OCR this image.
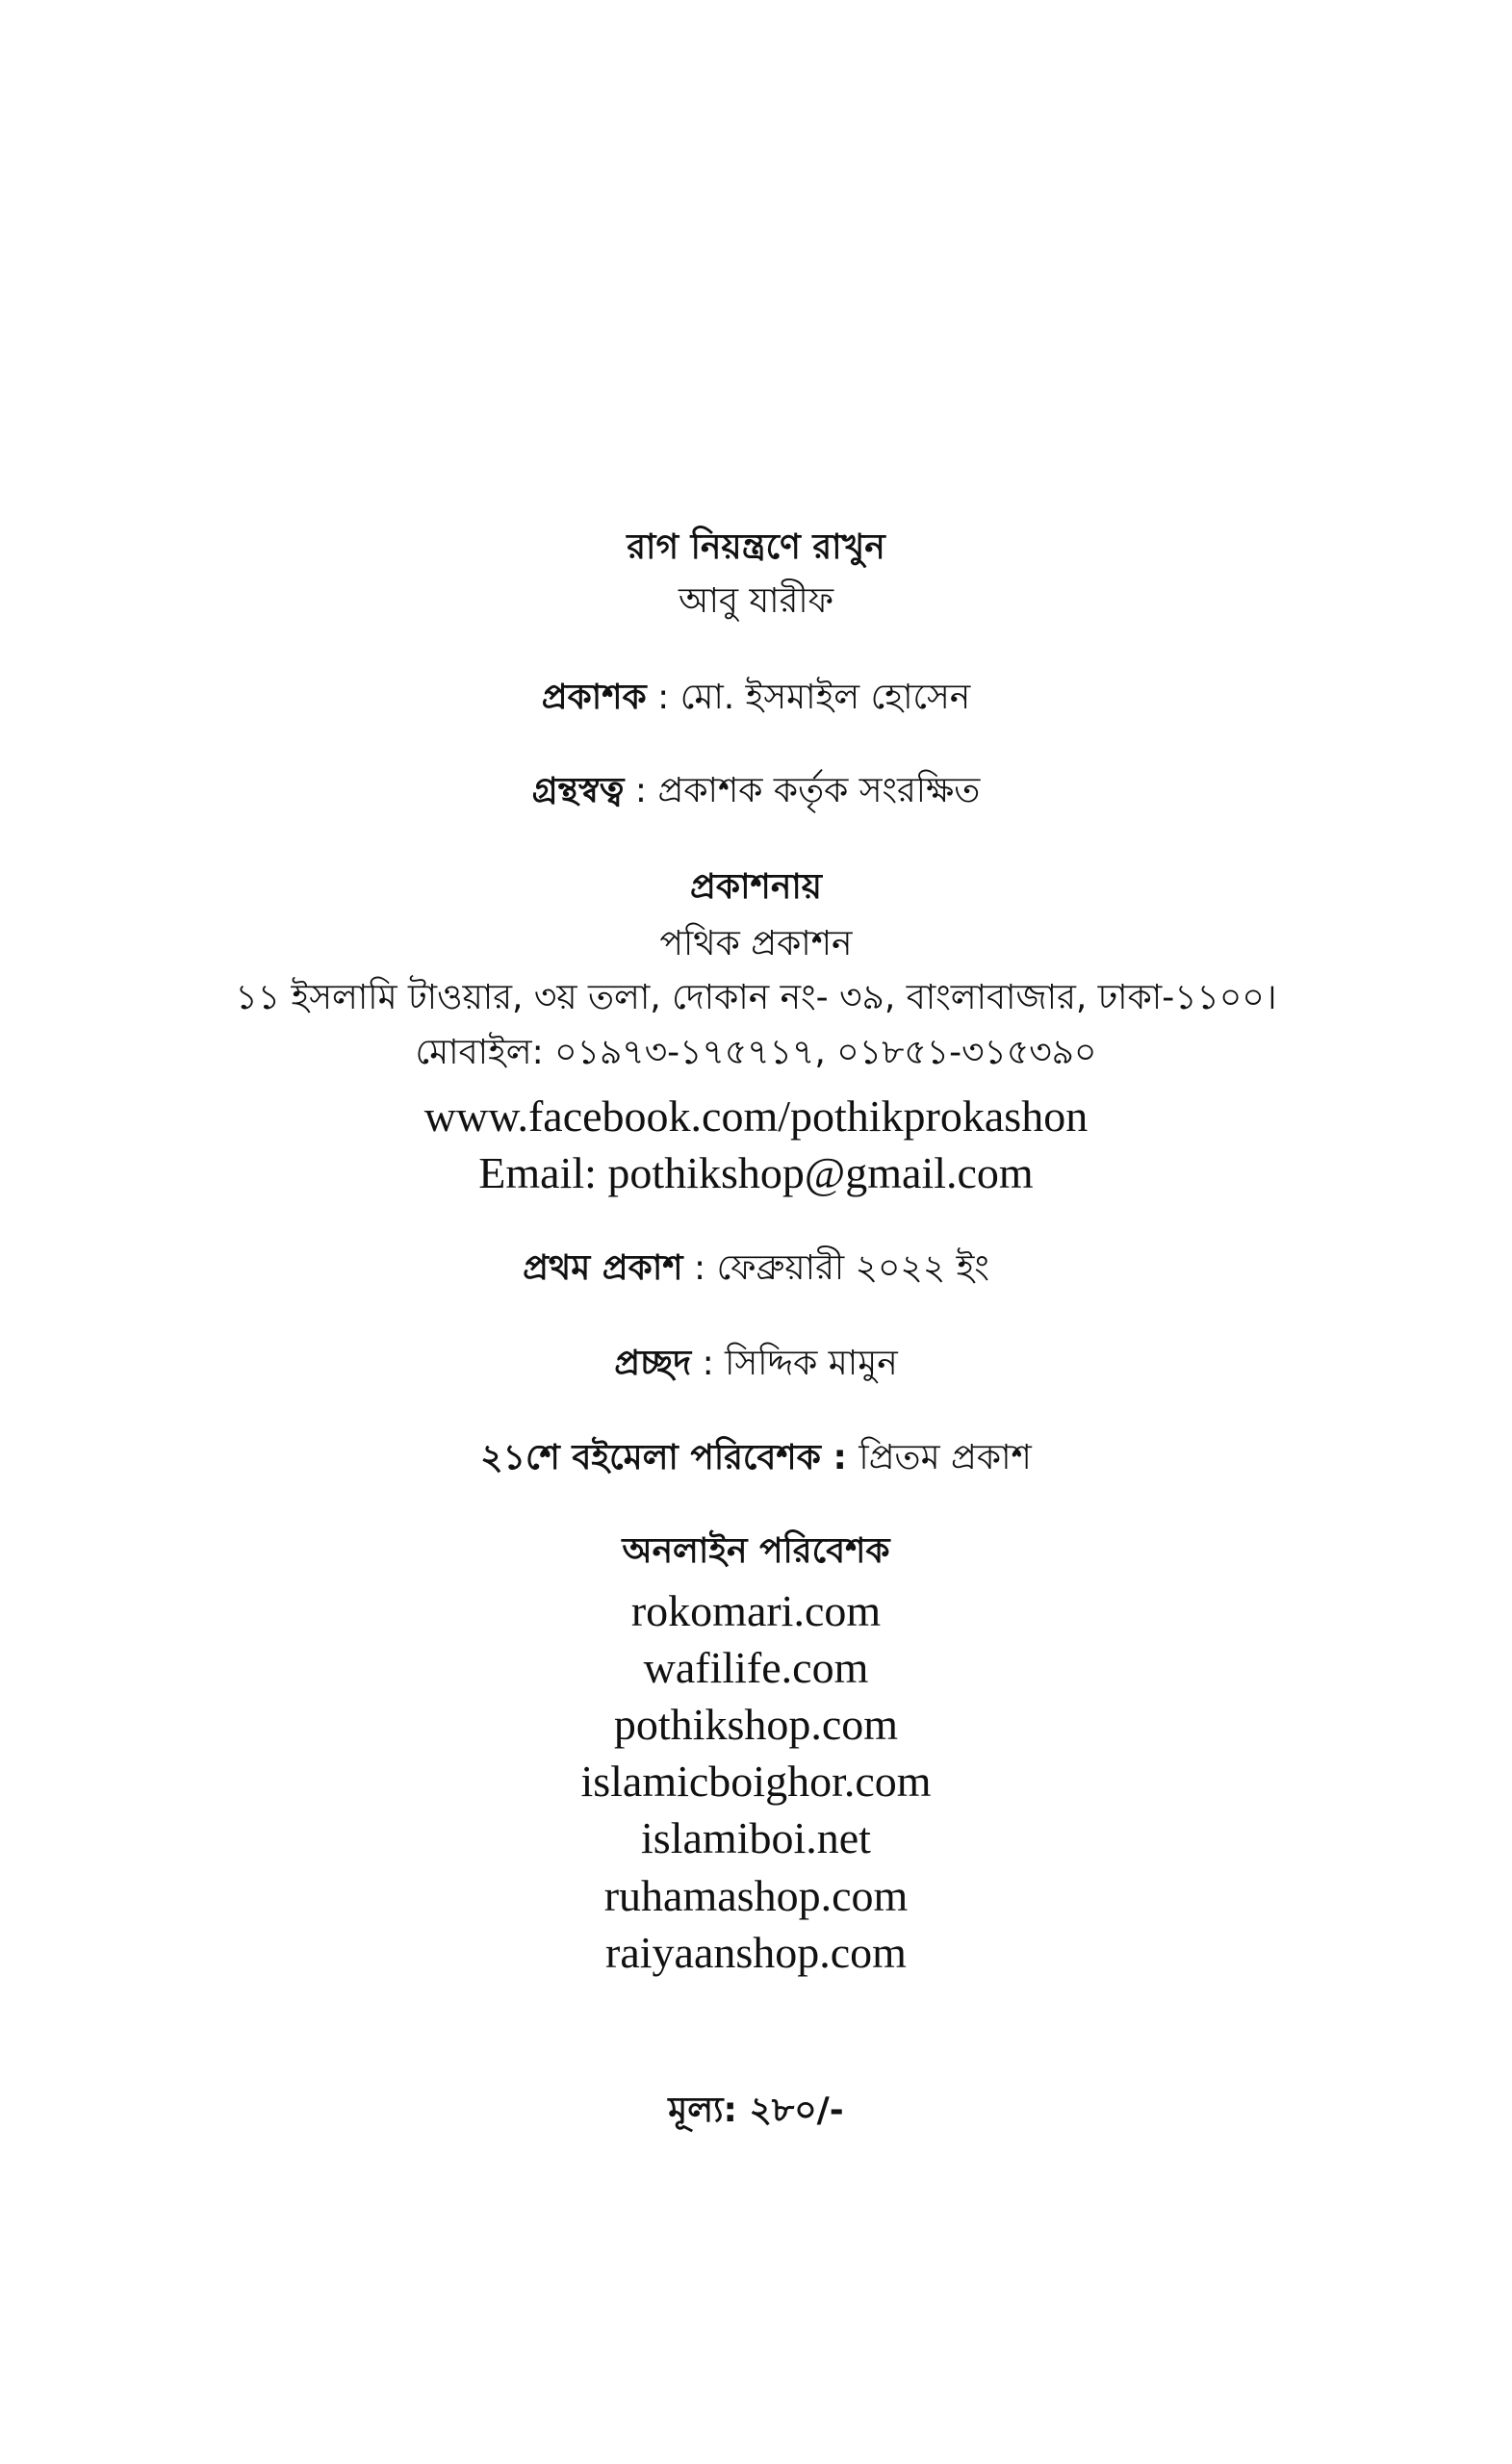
রাগ নিয়ন্ত্রণে রাখুন
আবু যারীফ
প্রকাশক : মো. ইসমাইল হোসেন
গ্রন্থস্বত্ব : প্রকাশক কর্তৃক সংরক্ষিত
প্রকাশনায়
পথিক প্রকাশন
১১ ইসলামি টাওয়ার, ৩য় তলা, দোকান নং- ৩৯, বাংলাবাজার, ঢাকা-১১০০।
মোবাইল: ০১৯৭৩-১৭৫৭১৭, ০১৮৫১-৩১৫৩৯০
www.facebook.com/pothikprokashon
Email: pothikshop@gmail.com
প্রথম প্রকাশ : ফেব্রুয়ারী ২০২২ ইং
প্রচ্ছদ : সিদ্দিক মামুন
২১শে বইমেলা পরিবেশক : প্রিতম প্রকাশ
অনলাইন পরিবেশক
rokomari.com
wafilife.com
pothikshop.com
islamicboighor.com
islamiboi.net
ruhamashop.com
raiyaanshop.com
মূল্য: ২৮০/-
